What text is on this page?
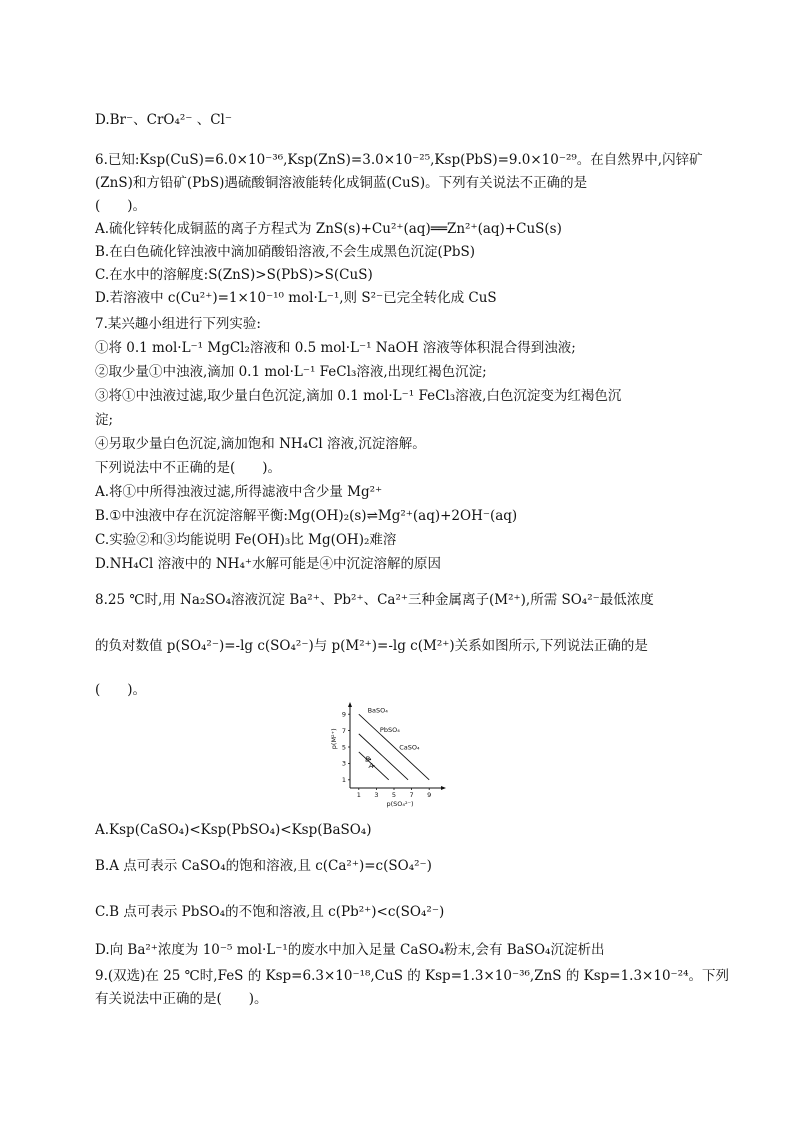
D.Br⁻、CrO₄²⁻ 、Cl⁻
6.已知:Ksp(CuS)=6.0×10⁻³⁶,Ksp(ZnS)=3.0×10⁻²⁵,Ksp(PbS)=9.0×10⁻²⁹。在自然界中,闪锌矿
(ZnS)和方铅矿(PbS)遇硫酸铜溶液能转化成铜蓝(CuS)。下列有关说法不正确的是
(　　)。
A.硫化锌转化成铜蓝的离子方程式为 ZnS(s)+Cu²⁺(aq)══Zn²⁺(aq)+CuS(s)
B.在白色硫化锌浊液中滴加硝酸铅溶液,不会生成黑色沉淀(PbS)
C.在水中的溶解度:S(ZnS)>S(PbS)>S(CuS)
D.若溶液中 c(Cu²⁺)=1×10⁻¹⁰ mol·L⁻¹,则 S²⁻已完全转化成 CuS
7.某兴趣小组进行下列实验:
①将 0.1 mol·L⁻¹ MgCl₂溶液和 0.5 mol·L⁻¹ NaOH 溶液等体积混合得到浊液;
②取少量①中浊液,滴加 0.1 mol·L⁻¹ FeCl₃溶液,出现红褐色沉淀;
③将①中浊液过滤,取少量白色沉淀,滴加 0.1 mol·L⁻¹ FeCl₃溶液,白色沉淀变为红褐色沉
淀;
④另取少量白色沉淀,滴加饱和 NH₄Cl 溶液,沉淀溶解。
下列说法中不正确的是(　　)。
A.将①中所得浊液过滤,所得滤液中含少量 Mg²⁺
B.①中浊液中存在沉淀溶解平衡:Mg(OH)₂(s)⇌Mg²⁺(aq)+2OH⁻(aq)
C.实验②和③均能说明 Fe(OH)₃比 Mg(OH)₂难溶
D.NH₄Cl 溶液中的 NH₄⁺水解可能是④中沉淀溶解的原因
8.25 ℃时,用 Na₂SO₄溶液沉淀 Ba²⁺、Pb²⁺、Ca²⁺三种金属离子(M²⁺),所需 SO₄²⁻最低浓度
的负对数值 p(SO₄²⁻)=-lg c(SO₄²⁻)与 p(M²⁺)=-lg c(M²⁺)关系如图所示,下列说法正确的是
(　　)。
A.Ksp(CaSO₄)<Ksp(PbSO₄)<Ksp(BaSO₄)
B.A 点可表示 CaSO₄的饱和溶液,且 c(Ca²⁺)=c(SO₄²⁻)
C.B 点可表示 PbSO₄的不饱和溶液,且 c(Pb²⁺)<c(SO₄²⁻)
D.向 Ba²⁺浓度为 10⁻⁵ mol·L⁻¹的废水中加入足量 CaSO₄粉末,会有 BaSO₄沉淀析出
9.(双选)在 25 ℃时,FeS 的 Ksp=6.3×10⁻¹⁸,CuS 的 Ksp=1.3×10⁻³⁶,ZnS 的 Ksp=1.3×10⁻²⁴。下列
有关说法中正确的是(　　)。
1 3 5 7 9
1
3
5
7
9
p(SO₄²⁻)
p(M²⁺)
BaSO₄
PbSO₄
CaSO₄
A
B
